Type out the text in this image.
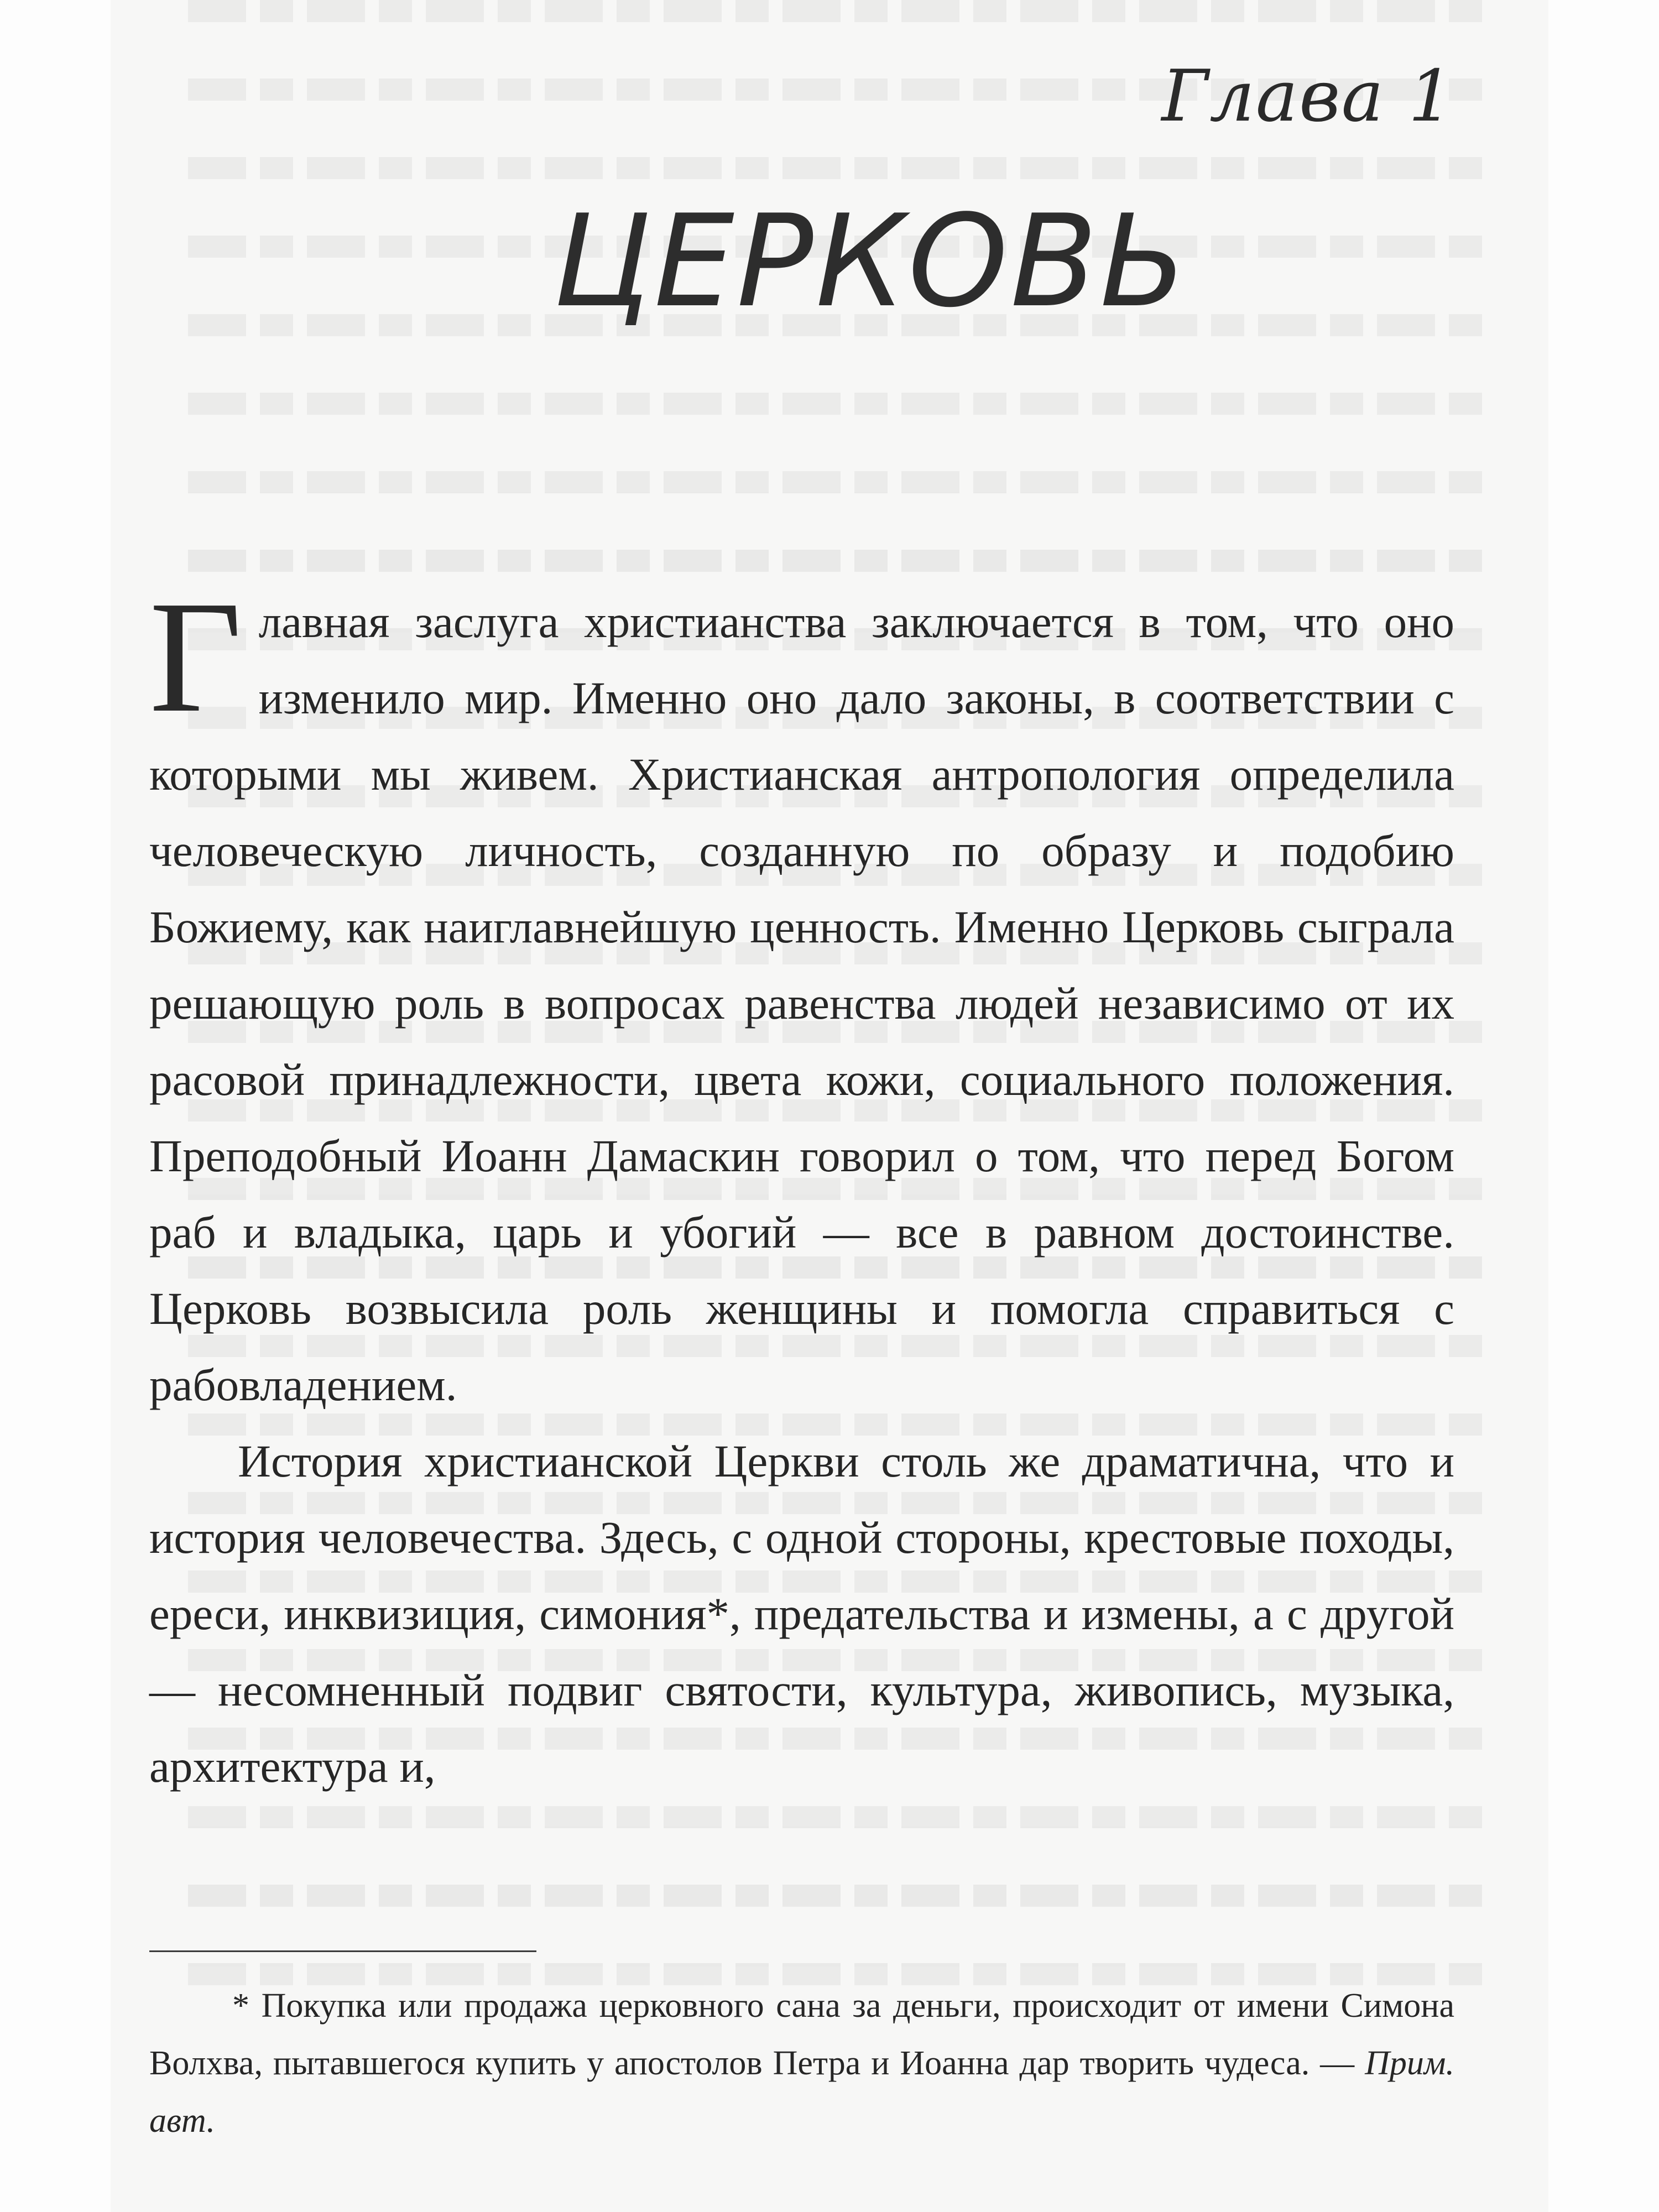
Глава 1
ЦЕРКОВЬ

Главная заслуга христианства заключается в том, что оно изменило мир. Именно оно дало законы, в соответствии с которыми мы живем. Христианская антропология определила человеческую личность, созданную по образу и подобию Божиему, как наиглавнейшую ценность. Именно Церковь сыграла решающую роль в вопросах равенства людей независимо от их расовой принадлежности, цвета кожи, социального положения. Преподобный Иоанн Дамаскин говорил о том, что перед Богом раб и владыка, царь и убогий — все в равном достоинстве. Церковь возвысила роль женщины и помогла справиться с рабовладением.

История христианской Церкви столь же драматична, что и история человечества. Здесь, с одной стороны, крестовые походы, ереси, инквизиция, симония*, предательства и измены, а с другой — несомненный подвиг святости, культура, живопись, музыка, архитектура и,

* Покупка или продажа церковного сана за деньги, происходит от имени Симона Волхва, пытавшегося купить у апостолов Петра и Иоанна дар творить чудеса. — Прим. авт.
